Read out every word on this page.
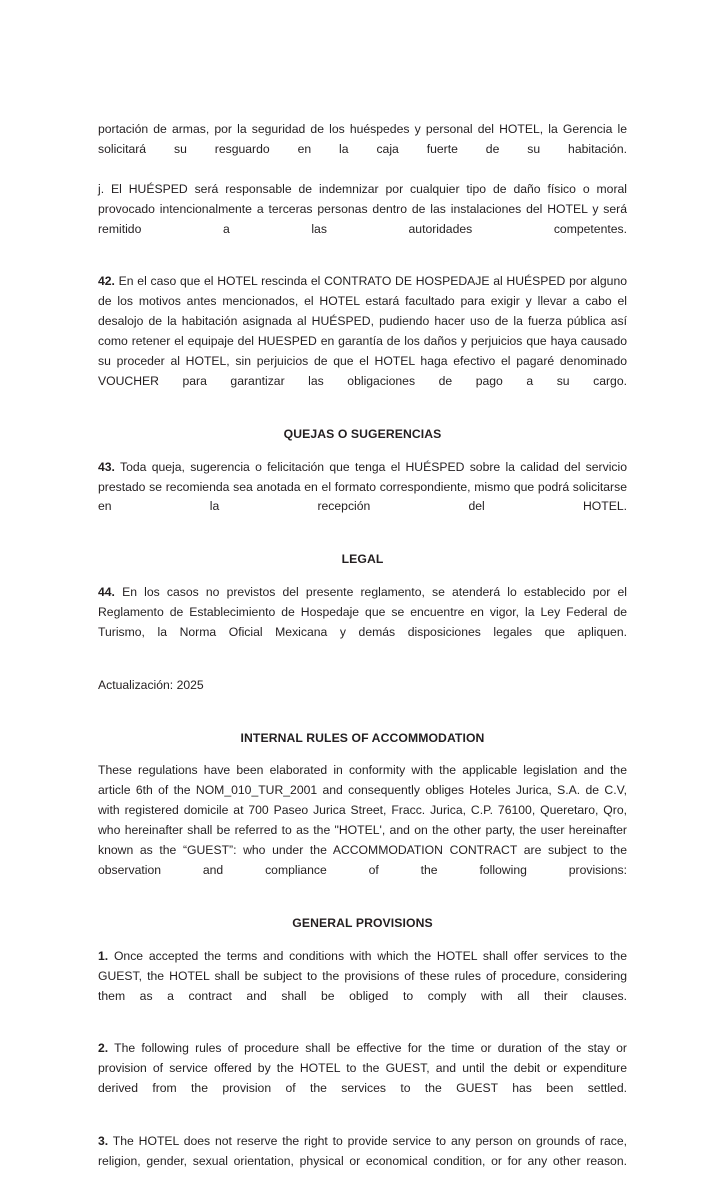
portación de armas, por la seguridad de los huéspedes y personal del HOTEL, la Gerencia le solicitará su resguardo en la caja fuerte de su habitación.

j. El HUÉSPED será responsable de indemnizar por cualquier tipo de daño físico o moral provocado intencionalmente a terceras personas dentro de las instalaciones del HOTEL y será remitido a las autoridades competentes.

42. En el caso que el HOTEL rescinda el CONTRATO DE HOSPEDAJE al HUÉSPED por alguno de los motivos antes mencionados, el HOTEL estará facultado para exigir y llevar a cabo el desalojo de la habitación asignada al HUÉSPED, pudiendo hacer uso de la fuerza pública así como retener el equipaje del HUESPED en garantía de los daños y perjuicios que haya causado su proceder al HOTEL, sin perjuicios de que el HOTEL haga efectivo el pagaré denominado VOUCHER para garantizar las obligaciones de pago a su cargo.

QUEJAS O SUGERENCIAS

43. Toda queja, sugerencia o felicitación que tenga el HUÉSPED sobre la calidad del servicio prestado se recomienda sea anotada en el formato correspondiente, mismo que podrá solicitarse en la recepción del HOTEL.

LEGAL

44. En los casos no previstos del presente reglamento, se atenderá lo establecido por el Reglamento de Establecimiento de Hospedaje que se encuentre en vigor, la Ley Federal de Turismo, la Norma Oficial Mexicana y demás disposiciones legales que apliquen.

Actualización: 2025

INTERNAL RULES OF ACCOMMODATION

These regulations have been elaborated in conformity with the applicable legislation and the article 6th of the NOM_010_TUR_2001 and consequently obliges Hoteles Jurica, S.A. de C.V, with registered domicile at 700 Paseo Jurica Street, Fracc. Jurica, C.P. 76100, Queretaro, Qro, who hereinafter shall be referred to as the "HOTEL', and on the other party, the user hereinafter known as the “GUEST”: who under the ACCOMMODATION CONTRACT are subject to the observation and compliance of the following provisions:

GENERAL PROVISIONS

1. Once accepted the terms and conditions with which the HOTEL shall offer services to the GUEST, the HOTEL shall be subject to the provisions of these rules of procedure, considering them as a contract and shall be obliged to comply with all their clauses.

2. The following rules of procedure shall be effective for the time or duration of the stay or provision of service offered by the HOTEL to the GUEST, and until the debit or expenditure derived from the provision of the services to the GUEST has been settled.

3. The HOTEL does not reserve the right to provide service to any person on grounds of race, religion, gender, sexual orientation, physical or economical condition, or for any other reason.
